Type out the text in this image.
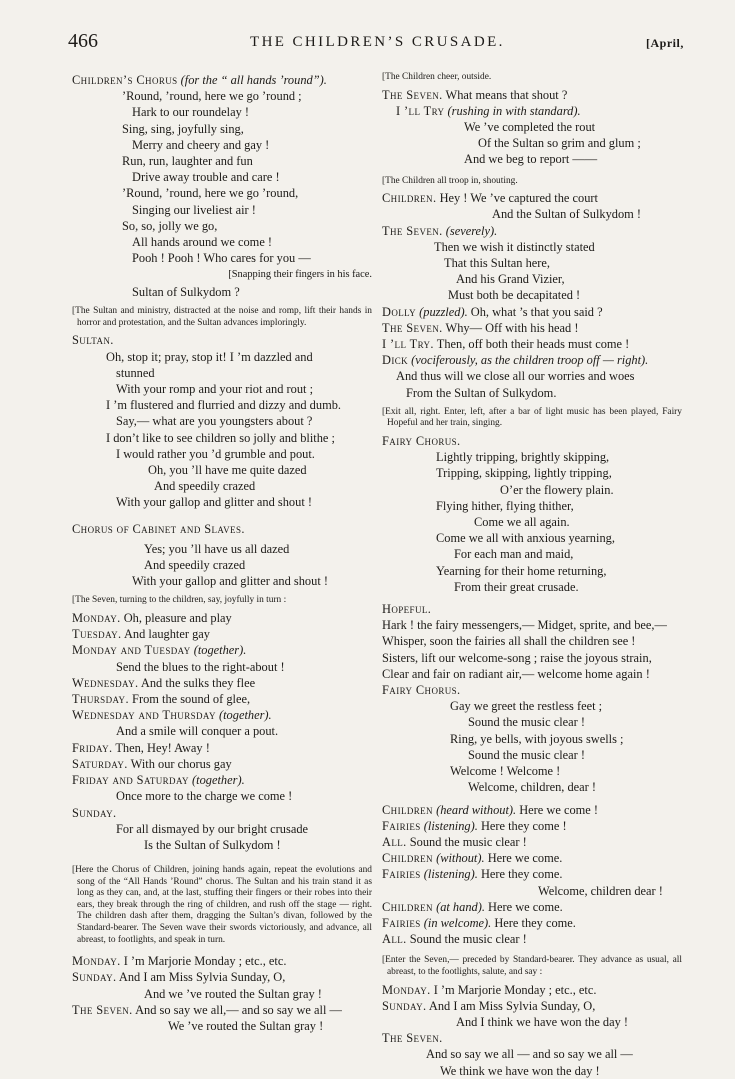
466	THE CHILDREN’S CRUSADE.	[April,
Children’s Chorus (for the “ all hands ’round”).
’Round, ’round, here we go ’round ;
Hark to our roundelay !
Sing, sing, joyfully sing,
Merry and cheery and gay !
Run, run, laughter and fun
Drive away trouble and care !
’Round, ’round, here we go ’round,
Singing our liveliest air !
So, so, jolly we go,
All hands around we come !
Pooh ! Pooh ! Who cares for you —
[Snapping their fingers in his face.
Sultan of Sulkydom ?
[The Sultan and ministry, distracted at the noise and romp, lift their hands in horror and protestation, and the Sultan advances imploringly.
Sultan.
Oh, stop it; pray, stop it! I ’m dazzled and
stunned
With your romp and your riot and rout ;
I ’m flustered and flurried and dizzy and dumb.
Say,— what are you youngsters about ?
I don’t like to see children so jolly and blithe ;
I would rather you ’d grumble and pout.
Oh, you ’ll have me quite dazed
And speedily crazed
With your gallop and glitter and shout !
Chorus of Cabinet and Slaves.
Yes; you ’ll have us all dazed
And speedily crazed
With your gallop and glitter and shout !
[The Seven, turning to the children, say, joyfully in turn :
Monday. Oh, pleasure and play
Tuesday. And laughter gay
Monday and Tuesday (together).
Send the blues to the right-about !
Wednesday. And the sulks they flee
Thursday. From the sound of glee,
Wednesday and Thursday (together).
And a smile will conquer a pout.
Friday. Then, Hey! Away !
Saturday. With our chorus gay
Friday and Saturday (together).
Once more to the charge we come !
Sunday.
For all dismayed by our bright crusade
Is the Sultan of Sulkydom !
[Here the Chorus of Children, joining hands again, repeat the evolutions and song of the “All Hands ’Round” chorus. The Sultan and his train stand it as long as they can, and, at the last, stuffing their fingers or their robes into their ears, they break through the ring of children, and rush off the stage — right. The children dash after them, dragging the Sultan’s divan, followed by the Standard-bearer. The Seven wave their swords victoriously, and advance, all abreast, to footlights, and speak in turn.
Monday. I ’m Marjorie Monday ; etc., etc.
Sunday. And I am Miss Sylvia Sunday, O,
And we ’ve routed the Sultan gray !
The Seven. And so say we all,— and so say we all —
We ’ve routed the Sultan gray !
[The Children cheer, outside.
The Seven. What means that shout ?
I ’ll Try (rushing in with standard).
We ’ve completed the rout
Of the Sultan so grim and glum ;
And we beg to report ——
[The Children all troop in, shouting.
Children. Hey ! We ’ve captured the court
And the Sultan of Sulkydom !
The Seven. (severely).
Then we wish it distinctly stated
That this Sultan here,
And his Grand Vizier,
Must both be decapitated !
Dolly (puzzled). Oh, what ’s that you said ?
The Seven. Why— Off with his head !
I ’ll Try. Then, off both their heads must come !
Dick (vociferously, as the children troop off — right).
And thus will we close all our worries and woes
From the Sultan of Sulkydom.
[Exit all, right. Enter, left, after a bar of light music has been played, Fairy Hopeful and her train, singing.
Fairy Chorus.
Lightly tripping, brightly skipping,
Tripping, skipping, lightly tripping,
O’er the flowery plain.
Flying hither, flying thither,
Come we all again.
Come we all with anxious yearning,
For each man and maid,
Yearning for their home returning,
From their great crusade.
Hopeful.
Hark ! the fairy messengers,— Midget, sprite, and bee,—
Whisper, soon the fairies all shall the children see !
Sisters, lift our welcome-song ; raise the joyous strain,
Clear and fair on radiant air,— welcome home again !
Fairy Chorus.
Gay we greet the restless feet ;
Sound the music clear !
Ring, ye bells, with joyous swells ;
Sound the music clear !
Welcome ! Welcome !
Welcome, children, dear !
Children (heard without). Here we come !
Fairies (listening). Here they come !
All. Sound the music clear !
Children (without). Here we come.
Fairies (listening). Here they come.
Welcome, children dear !
Children (at hand). Here we come.
Fairies (in welcome). Here they come.
All. Sound the music clear !
[Enter the Seven,— preceded by Standard-bearer. They advance as usual, all abreast, to the footlights, salute, and say :
Monday. I ’m Marjorie Monday ; etc., etc.
Sunday. And I am Miss Sylvia Sunday, O,
And I think we have won the day !
The Seven.
And so say we all — and so say we all —
We think we have won the day !
